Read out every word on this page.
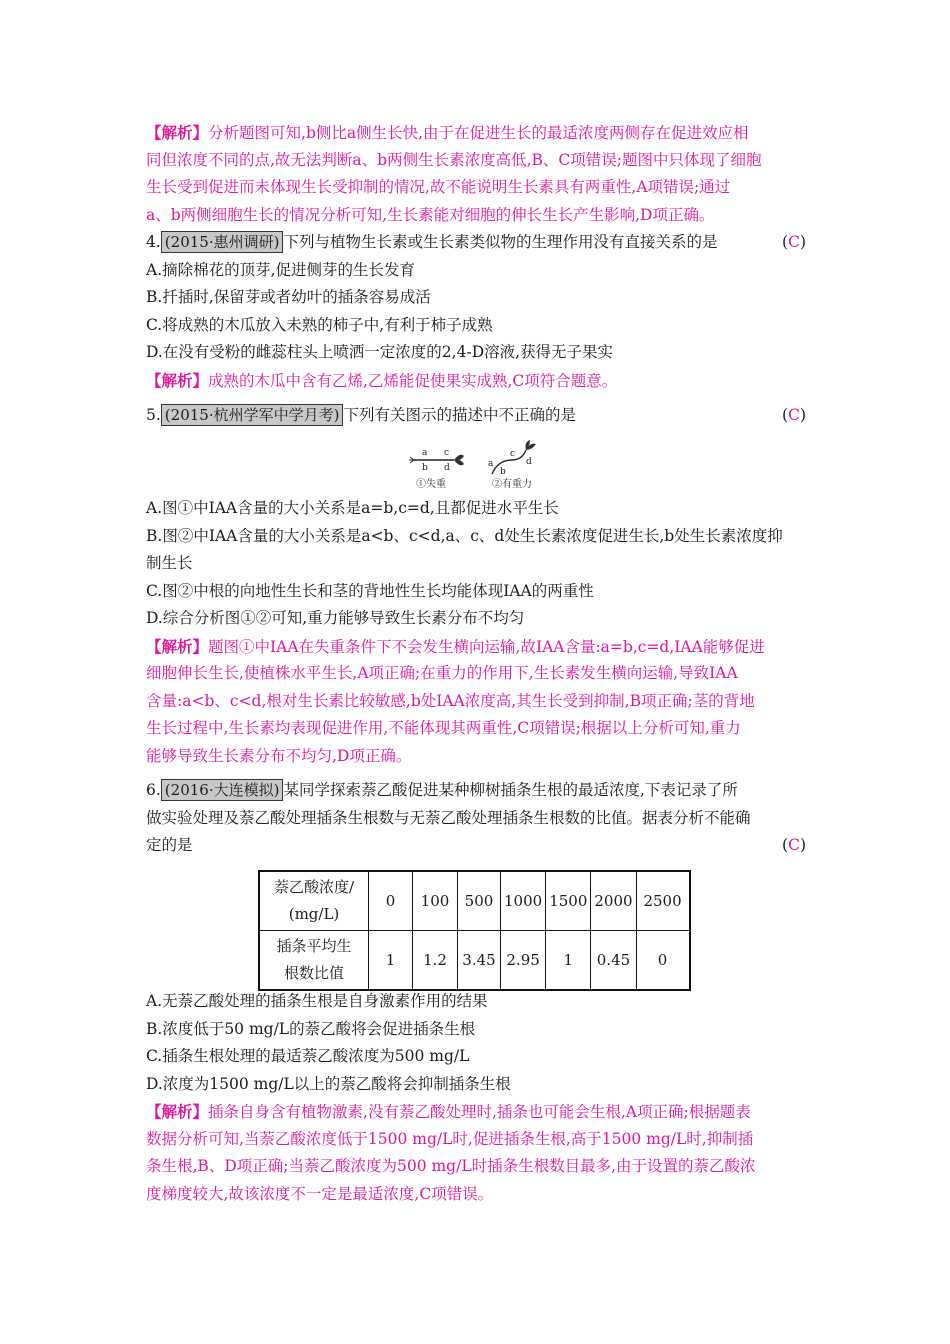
【解析】分析题图可知,b侧比a侧生长快,由于在促进生长的最适浓度两侧存在促进效应相
同但浓度不同的点,故无法判断a、b两侧生长素浓度高低,B、C项错误;题图中只体现了细胞
生长受到促进而未体现生长受抑制的情况,故不能说明生长素具有两重性,A项错误;通过
a、b两侧细胞生长的情况分析可知,生长素能对细胞的伸长生长产生影响,D项正确。
4. (2015·惠州调研) 下列与植物生长素或生长素类似物的生理作用没有直接关系的是	(C)
A.摘除棉花的顶芽,促进侧芽的生长发育
B.扦插时,保留芽或者幼叶的插条容易成活
C.将成熟的木瓜放入未熟的柿子中,有利于柿子成熟
D.在没有受粉的雌蕊柱头上喷洒一定浓度的2,4-D溶液,获得无子果实
【解析】成熟的木瓜中含有乙烯,乙烯能促使果实成熟,C项符合题意。
5. (2015·杭州学军中学月考) 下列有关图示的描述中不正确的是	(C)
a
b
c
d	a
b
c
d
①失重	②有重力
A.图①中IAA含量的大小关系是a=b,c=d,且都促进水平生长
B.图②中IAA含量的大小关系是a<b、c<d,a、c、d处生长素浓度促进生长,b处生长素浓度抑
制生长
C.图②中根的向地性生长和茎的背地性生长均能体现IAA的两重性
D.综合分析图①②可知,重力能够导致生长素分布不均匀
【解析】题图①中IAA在失重条件下不会发生横向运输,故IAA含量:a=b,c=d,IAA能够促进
细胞伸长生长,使植株水平生长,A项正确;在重力的作用下,生长素发生横向运输,导致IAA
含量:a<b、c<d,根对生长素比较敏感,b处IAA浓度高,其生长受到抑制,B项正确;茎的背地
生长过程中,生长素均表现促进作用,不能体现其两重性,C项错误;根据以上分析可知,重力
能够导致生长素分布不均匀,D项正确。
6. (2016·大连模拟) 某同学探索萘乙酸促进某种柳树插条生根的最适浓度,下表记录了所
做实验处理及萘乙酸处理插条生根数与无萘乙酸处理插条生根数的比值。据表分析不能确
定的是	(C)
萘乙酸浓度/
(mg/L)	0	100	500	1000	1500	2000	2500
插条平均生
根数比值	1	1.2	3.45	2.95	1	0.45	0
A.无萘乙酸处理的插条生根是自身激素作用的结果
B.浓度低于50 mg/L的萘乙酸将会促进插条生根
C.插条生根处理的最适萘乙酸浓度为500 mg/L
D.浓度为1500 mg/L以上的萘乙酸将会抑制插条生根
【解析】插条自身含有植物激素,没有萘乙酸处理时,插条也可能会生根,A项正确;根据题表
数据分析可知,当萘乙酸浓度低于1500 mg/L时,促进插条生根,高于1500 mg/L时,抑制插
条生根,B、D项正确;当萘乙酸浓度为500 mg/L时插条生根数目最多,由于设置的萘乙酸浓
度梯度较大,故该浓度不一定是最适浓度,C项错误。
